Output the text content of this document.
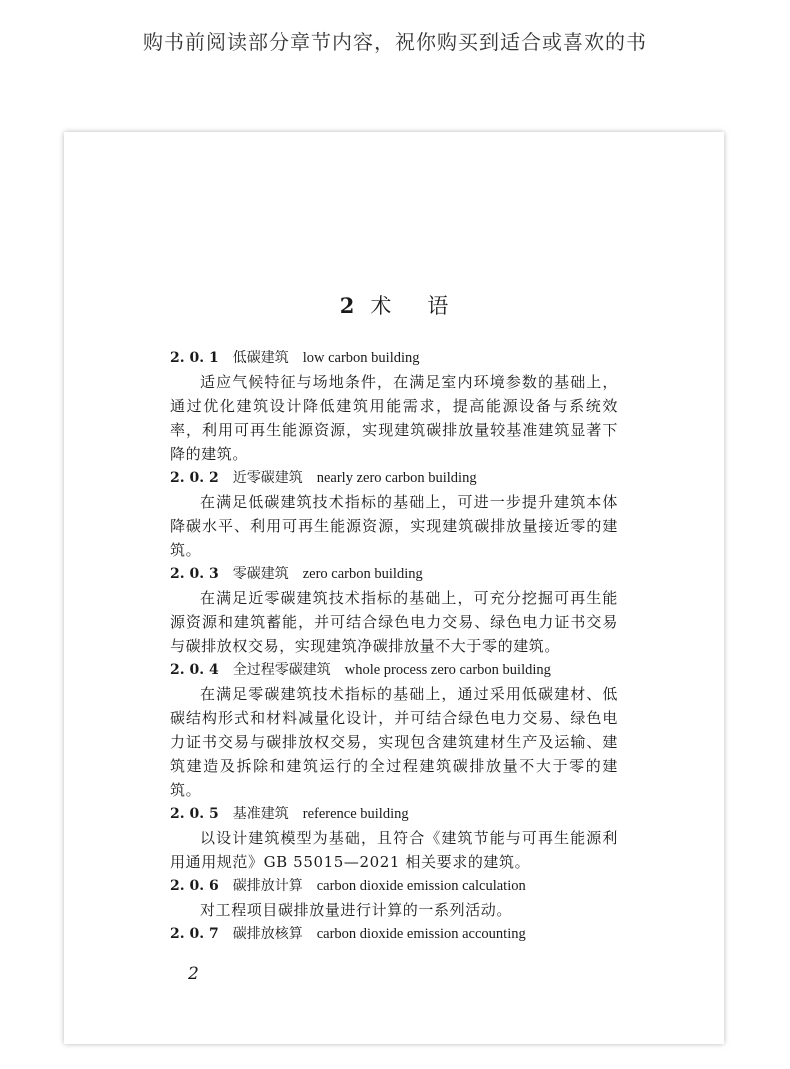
购书前阅读部分章节内容，祝你购买到适合或喜欢的书
2 术 语
2. 0. 1 低碳建筑 low carbon building
适应气候特征与场地条件，在满足室内环境参数的基础上，通过优化建筑设计降低建筑用能需求，提高能源设备与系统效率，利用可再生能源资源，实现建筑碳排放量较基准建筑显著下降的建筑。
2. 0. 2 近零碳建筑 nearly zero carbon building
在满足低碳建筑技术指标的基础上，可进一步提升建筑本体降碳水平、利用可再生能源资源，实现建筑碳排放量接近零的建筑。
2. 0. 3 零碳建筑 zero carbon building
在满足近零碳建筑技术指标的基础上，可充分挖掘可再生能源资源和建筑蓄能，并可结合绿色电力交易、绿色电力证书交易与碳排放权交易，实现建筑净碳排放量不大于零的建筑。
2. 0. 4 全过程零碳建筑 whole process zero carbon building
在满足零碳建筑技术指标的基础上，通过采用低碳建材、低碳结构形式和材料减量化设计，并可结合绿色电力交易、绿色电力证书交易与碳排放权交易，实现包含建筑建材生产及运输、建筑建造及拆除和建筑运行的全过程建筑碳排放量不大于零的建筑。
2. 0. 5 基准建筑 reference building
以设计建筑模型为基础，且符合《建筑节能与可再生能源利用通用规范》GB 55015—2021 相关要求的建筑。
2. 0. 6 碳排放计算 carbon dioxide emission calculation
对工程项目碳排放量进行计算的一系列活动。
2. 0. 7 碳排放核算 carbon dioxide emission accounting
2
